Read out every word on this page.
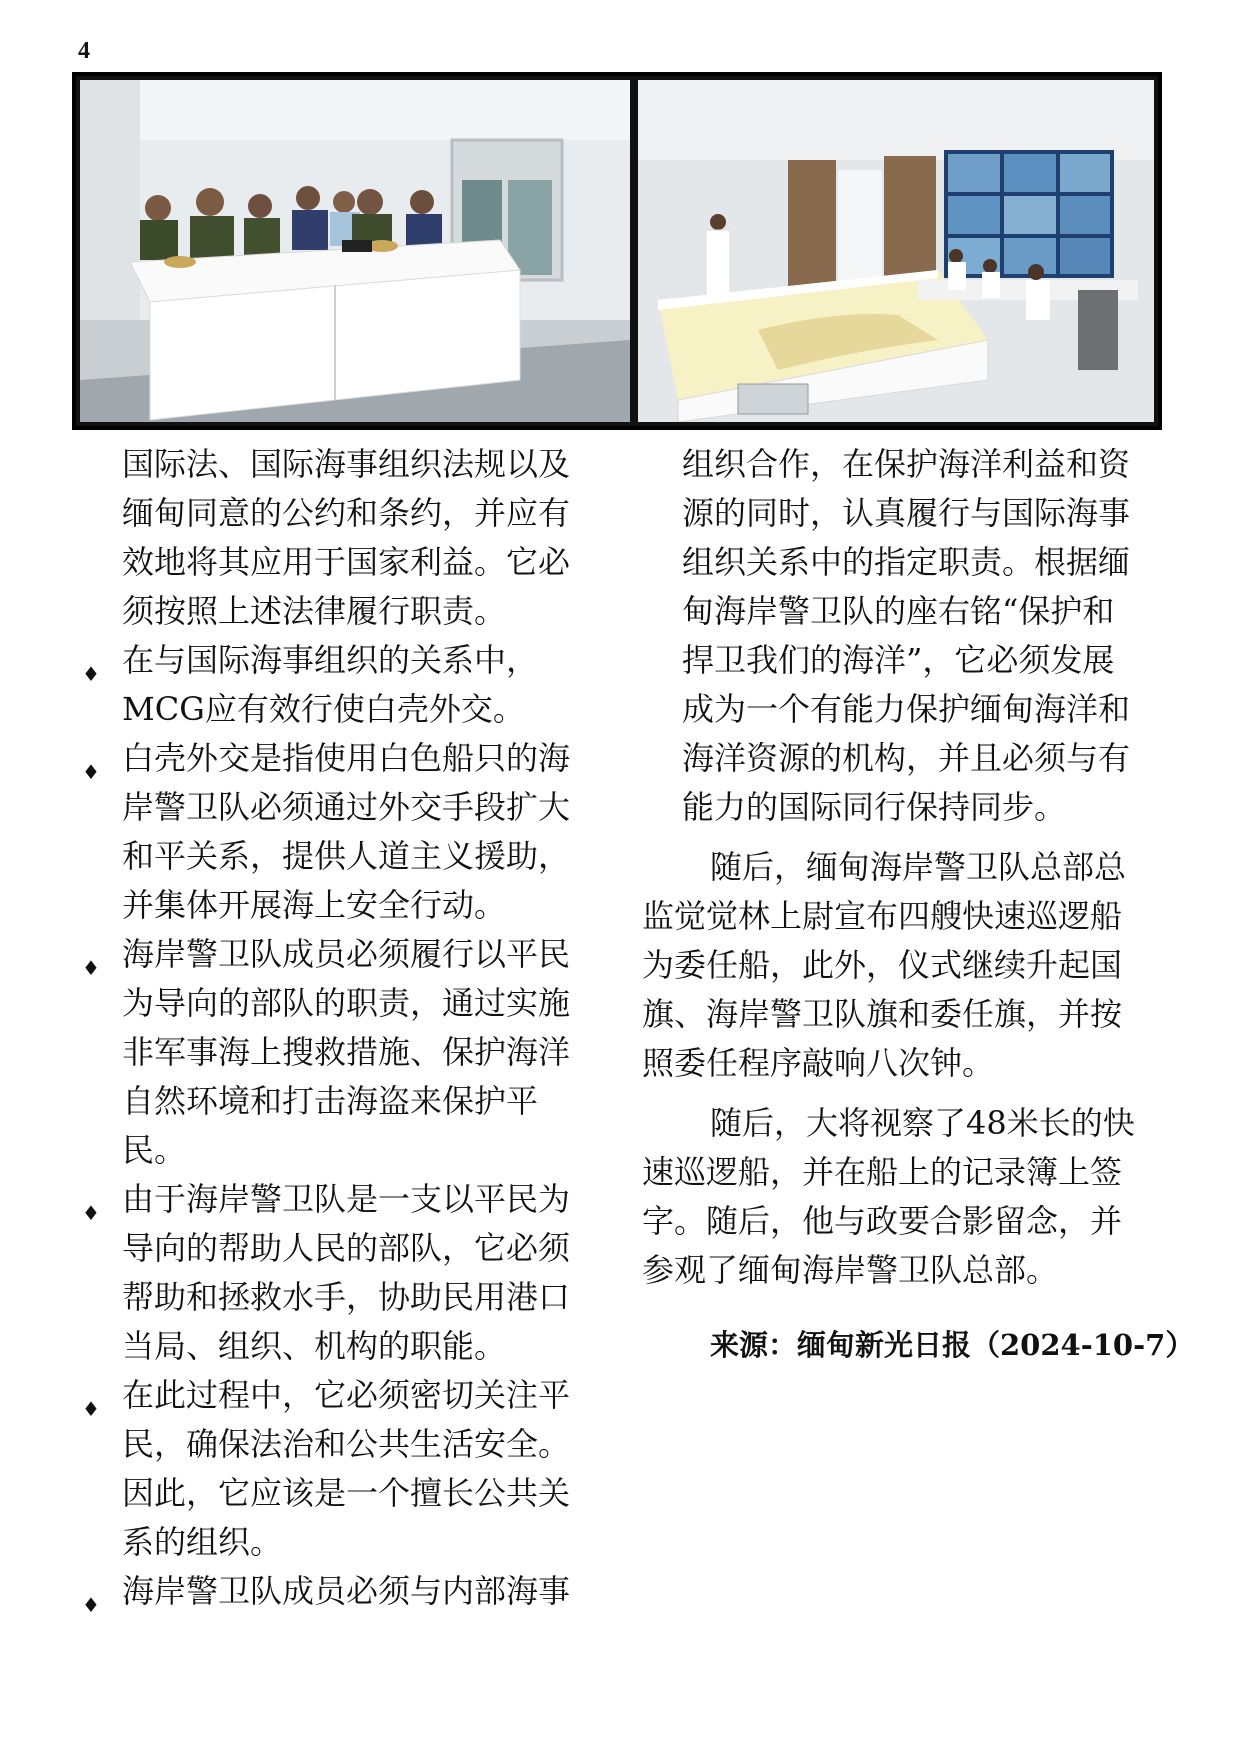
4
国际法、国际海事组织法规以及
缅甸同意的公约和条约，并应有
效地将其应用于国家利益。它必
须按照上述法律履行职责。
♦ 在与国际海事组织的关系中，
MCG应有效行使白壳外交。
♦ 白壳外交是指使用白色船只的海
岸警卫队必须通过外交手段扩大
和平关系，提供人道主义援助，
并集体开展海上安全行动。
♦ 海岸警卫队成员必须履行以平民
为导向的部队的职责，通过实施
非军事海上搜救措施、保护海洋
自然环境和打击海盗来保护平
民。
♦ 由于海岸警卫队是一支以平民为
导向的帮助人民的部队，它必须
帮助和拯救水手，协助民用港口
当局、组织、机构的职能。
♦ 在此过程中，它必须密切关注平
民，确保法治和公共生活安全。
因此，它应该是一个擅长公共关
系的组织。
♦ 海岸警卫队成员必须与内部海事
组织合作，在保护海洋利益和资
源的同时，认真履行与国际海事
组织关系中的指定职责。根据缅
甸海岸警卫队的座右铭“保护和
捍卫我们的海洋”，它必须发展
成为一个有能力保护缅甸海洋和
海洋资源的机构，并且必须与有
能力的国际同行保持同步。
随后，缅甸海岸警卫队总部总
监觉觉林上尉宣布四艘快速巡逻船
为委任船，此外，仪式继续升起国
旗、海岸警卫队旗和委任旗，并按
照委任程序敲响八次钟。
随后，大将视察了48米长的快
速巡逻船，并在船上的记录簿上签
字。随后，他与政要合影留念，并
参观了缅甸海岸警卫队总部。
来源：缅甸新光日报（2024-10-7）
